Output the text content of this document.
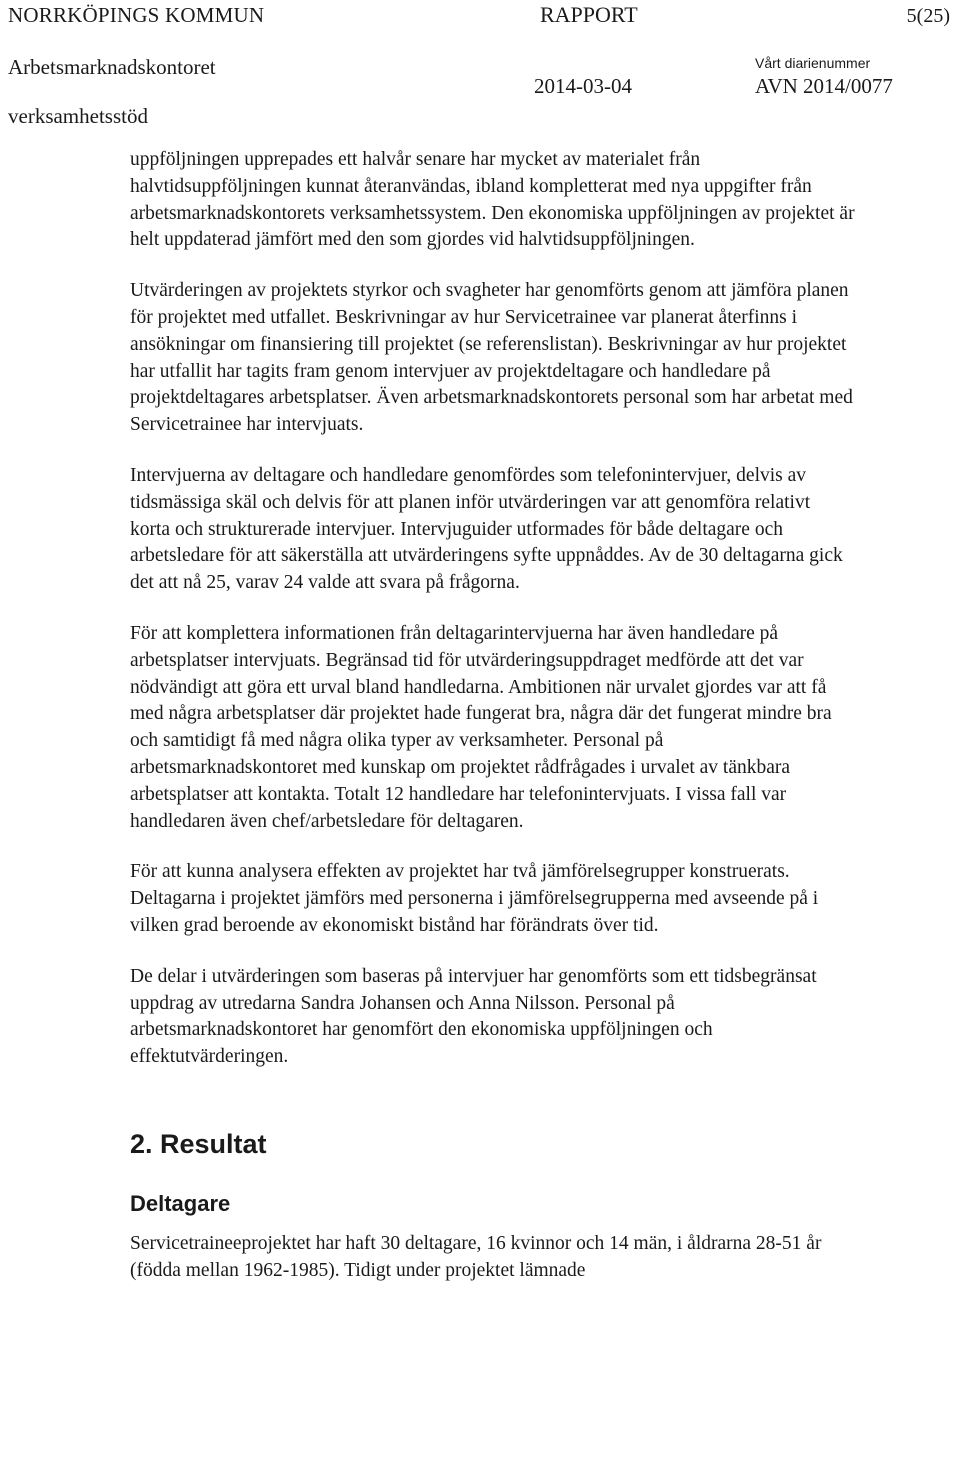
NORRKÖPINGS KOMMUN	RAPPORT	5(25)
Arbetsmarknadskontoret	Vårt diarienummer
2014-03-04	AVN 2014/0077
verksamhetsstöd

uppföljningen upprepades ett halvår senare har mycket av materialet från halvtidsuppföljningen kunnat återanvändas, ibland kompletterat med nya uppgifter från arbetsmarknadskontorets verksamhetssystem. Den ekonomiska uppföljningen av projektet är helt uppdaterad jämfört med den som gjordes vid halvtidsuppföljningen.

Utvärderingen av projektets styrkor och svagheter har genomförts genom att jämföra planen för projektet med utfallet. Beskrivningar av hur Servicetrainee var planerat återfinns i ansökningar om finansiering till projektet (se referenslistan). Beskrivningar av hur projektet har utfallit har tagits fram genom intervjuer av projektdeltagare och handledare på projektdeltagares arbetsplatser. Även arbetsmarknadskontorets personal som har arbetat med Servicetrainee har intervjuats.

Intervjuerna av deltagare och handledare genomfördes som telefonintervjuer, delvis av tidsmässiga skäl och delvis för att planen inför utvärderingen var att genomföra relativt korta och strukturerade intervjuer. Intervjuguider utformades för både deltagare och arbetsledare för att säkerställa att utvärderingens syfte uppnåddes. Av de 30 deltagarna gick det att nå 25, varav 24 valde att svara på frågorna.

För att komplettera informationen från deltagarintervjuerna har även handledare på arbetsplatser intervjuats. Begränsad tid för utvärderingsuppdraget medförde att det var nödvändigt att göra ett urval bland handledarna. Ambitionen när urvalet gjordes var att få med några arbetsplatser där projektet hade fungerat bra, några där det fungerat mindre bra och samtidigt få med några olika typer av verksamheter. Personal på arbetsmarknadskontoret med kunskap om projektet rådfrågades i urvalet av tänkbara arbetsplatser att kontakta. Totalt 12 handledare har telefonintervjuats. I vissa fall var handledaren även chef/arbetsledare för deltagaren.

För att kunna analysera effekten av projektet har två jämförelsegrupper konstruerats. Deltagarna i projektet jämförs med personerna i jämförelsegrupperna med avseende på i vilken grad beroende av ekonomiskt bistånd har förändrats över tid.

De delar i utvärderingen som baseras på intervjuer har genomförts som ett tidsbegränsat uppdrag av utredarna Sandra Johansen och Anna Nilsson. Personal på arbetsmarknadskontoret har genomfört den ekonomiska uppföljningen och effektutvärderingen.

2. Resultat
Deltagare

Servicetraineeprojektet har haft 30 deltagare, 16 kvinnor och 14 män, i åldrarna 28-51 år (födda mellan 1962-1985). Tidigt under projektet lämnade
